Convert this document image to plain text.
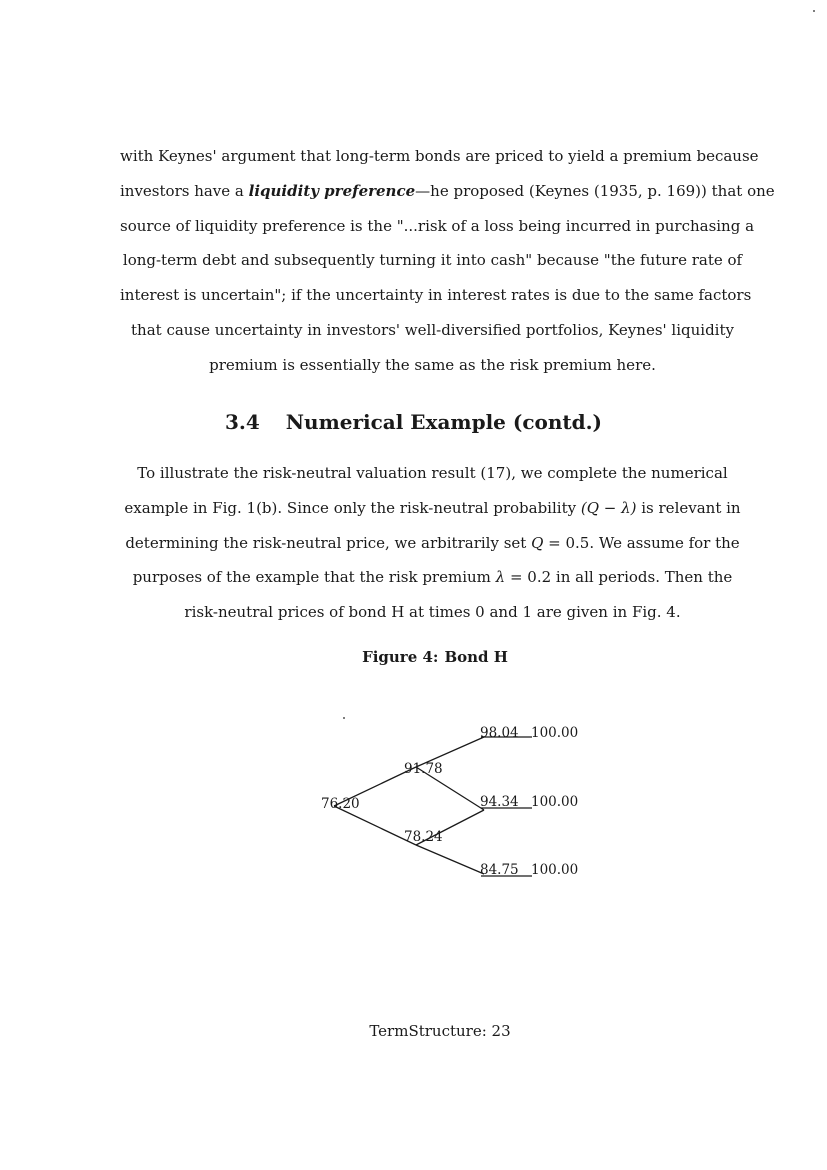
with Keynes' argument that long-term bonds are priced to yield a premium because
investors have a liquidity preference—he proposed (Keynes (1935, p. 169)) that one
source of liquidity preference is the "...risk of a loss being incurred in purchasing a
long-term debt and subsequently turning it into cash" because "the future rate of
interest is uncertain"; if the uncertainty in interest rates is due to the same factors
that cause uncertainty in investors' well-diversified portfolios, Keynes' liquidity
premium is essentially the same as the risk premium here.
3.4 Numerical Example (contd.)
To illustrate the risk-neutral valuation result (17), we complete the numerical
example in Fig. 1(b). Since only the risk-neutral probability (Q − λ) is relevant in
determining the risk-neutral price, we arbitrarily set Q = 0.5. We assume for the
purposes of the example that the risk premium λ = 0.2 in all periods. Then the
risk-neutral prices of bond H at times 0 and 1 are given in Fig. 4.
Figure 4: Bond H
76.20
91.78
78.24
98.04
94.34
84.75
100.00
100.00
100.00
TermStructure: 23
